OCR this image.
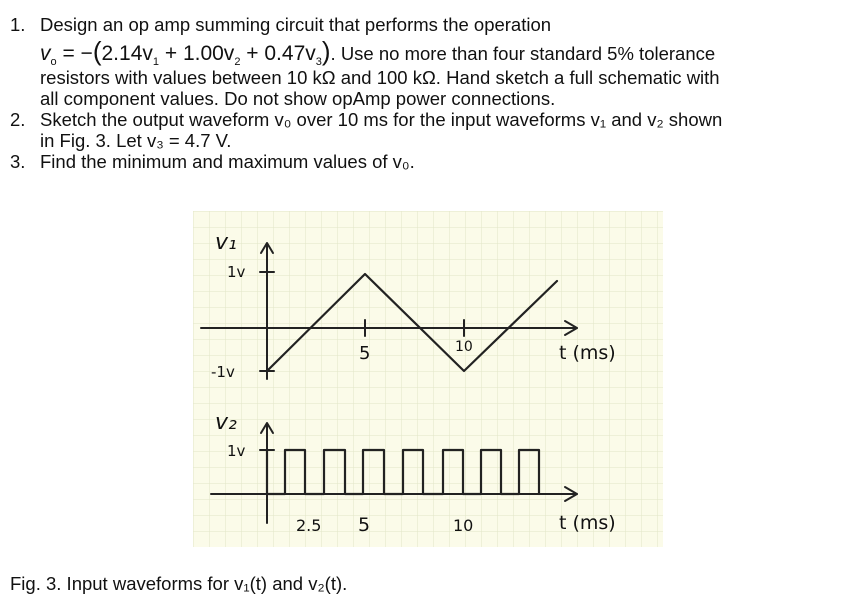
1. Design an op amp summing circuit that performs the operation
$v_o = -(2.14v_1 + 1.00v_2 + 0.47v_3)$. Use no more than four standard 5% tolerance
resistors with values between 10 kΩ and 100 kΩ. Hand sketch a full schematic with
all component values. Do not show opAmp power connections.
2. Sketch the output waveform v₀ over 10 ms for the input waveforms v₁ and v₂ shown
in Fig. 3. Let v₃ = 4.7 V.
3. Find the minimum and maximum values of v₀.
v₁
1v
-1v
5	10	t (ms)
v₂
1v
2.5 5	10	t (ms)
Fig. 3. Input waveforms for v₁(t) and v₂(t).
